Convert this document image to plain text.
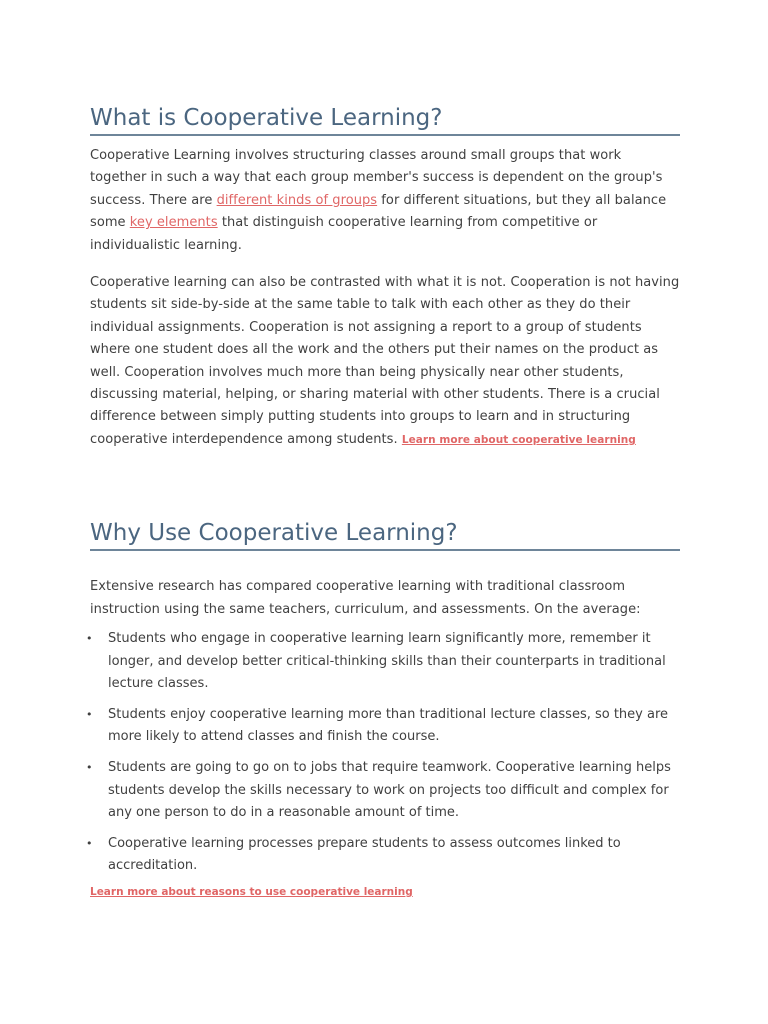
What is Cooperative Learning?

Cooperative Learning involves structuring classes around small groups that work together in such a way that each group member's success is dependent on the group's success. There are different kinds of groups for different situations, but they all balance some key elements that distinguish cooperative learning from competitive or individualistic learning.

Cooperative learning can also be contrasted with what it is not. Cooperation is not having students sit side-by-side at the same table to talk with each other as they do their individual assignments. Cooperation is not assigning a report to a group of students where one student does all the work and the others put their names on the product as well. Cooperation involves much more than being physically near other students, discussing material, helping, or sharing material with other students. There is a crucial difference between simply putting students into groups to learn and in structuring cooperative interdependence among students. Learn more about cooperative learning

Why Use Cooperative Learning?

Extensive research has compared cooperative learning with traditional classroom instruction using the same teachers, curriculum, and assessments. On the average:

• Students who engage in cooperative learning learn significantly more, remember it longer, and develop better critical-thinking skills than their counterparts in traditional lecture classes.
• Students enjoy cooperative learning more than traditional lecture classes, so they are more likely to attend classes and finish the course.
• Students are going to go on to jobs that require teamwork. Cooperative learning helps students develop the skills necessary to work on projects too difficult and complex for any one person to do in a reasonable amount of time.
• Cooperative learning processes prepare students to assess outcomes linked to accreditation.
Learn more about reasons to use cooperative learning
